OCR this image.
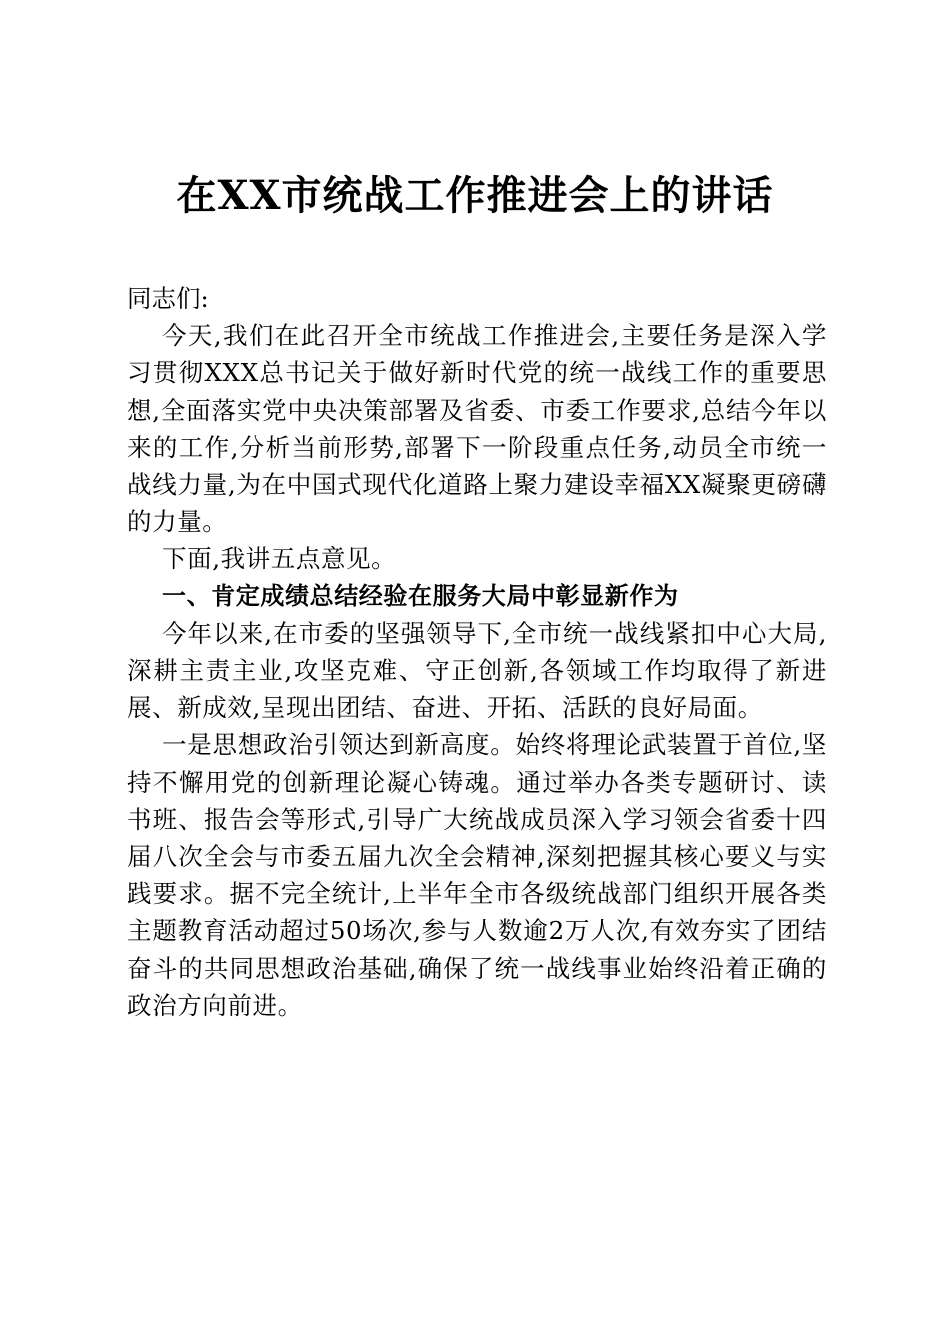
在XX市统战工作推进会上的讲话

同志们:

今天,我们在此召开全市统战工作推进会,主要任务是深入学习贯彻XXX总书记关于做好新时代党的统一战线工作的重要思想,全面落实党中央决策部署及省委、市委工作要求,总结今年以来的工作,分析当前形势,部署下一阶段重点任务,动员全市统一战线力量,为在中国式现代化道路上聚力建设幸福XX凝聚更磅礴的力量。

下面,我讲五点意见。

一、肯定成绩总结经验在服务大局中彰显新作为

今年以来,在市委的坚强领导下,全市统一战线紧扣中心大局,深耕主责主业,攻坚克难、守正创新,各领域工作均取得了新进展、新成效,呈现出团结、奋进、开拓、活跃的良好局面。

一是思想政治引领达到新高度。始终将理论武装置于首位,坚持不懈用党的创新理论凝心铸魂。通过举办各类专题研讨、读书班、报告会等形式,引导广大统战成员深入学习领会省委十四届八次全会与市委五届九次全会精神,深刻把握其核心要义与实践要求。据不完全统计,上半年全市各级统战部门组织开展各类主题教育活动超过50场次,参与人数逾2万人次,有效夯实了团结奋斗的共同思想政治基础,确保了统一战线事业始终沿着正确的政治方向前进。
